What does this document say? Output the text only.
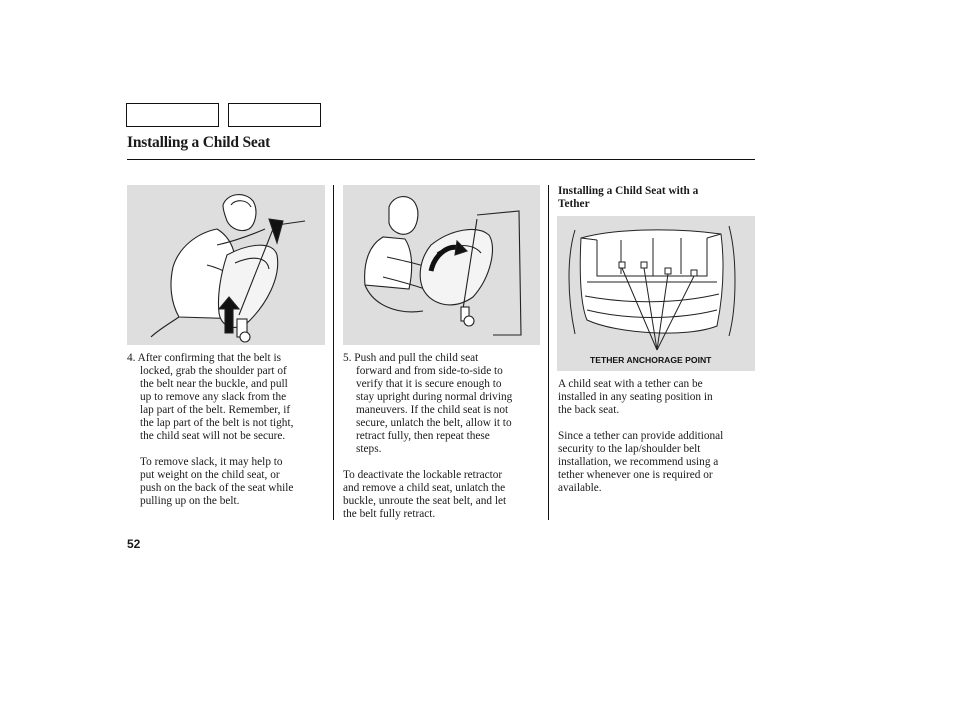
Installing a Child Seat
TETHER ANCHORAGE POINT
4. After confirming that the belt is
locked, grab the shoulder part of
the belt near the buckle, and pull
up to remove any slack from the
lap part of the belt. Remember, if
the lap part of the belt is not tight,
the child seat will not be secure.
To remove slack, it may help to
put weight on the child seat, or
push on the back of the seat while
pulling up on the belt.
5. Push and pull the child seat
forward and from side-to-side to
verify that it is secure enough to
stay upright during normal driving
maneuvers. If the child seat is not
secure, unlatch the belt, allow it to
retract fully, then repeat these
steps.
To deactivate the lockable retractor
and remove a child seat, unlatch the
buckle, unroute the seat belt, and let
the belt fully retract.
Installing a Child Seat with a
Tether
A child seat with a tether can be
installed in any seating position in
the back seat.
Since a tether can provide additional
security to the lap/shoulder belt
installation, we recommend using a
tether whenever one is required or
available.
52
